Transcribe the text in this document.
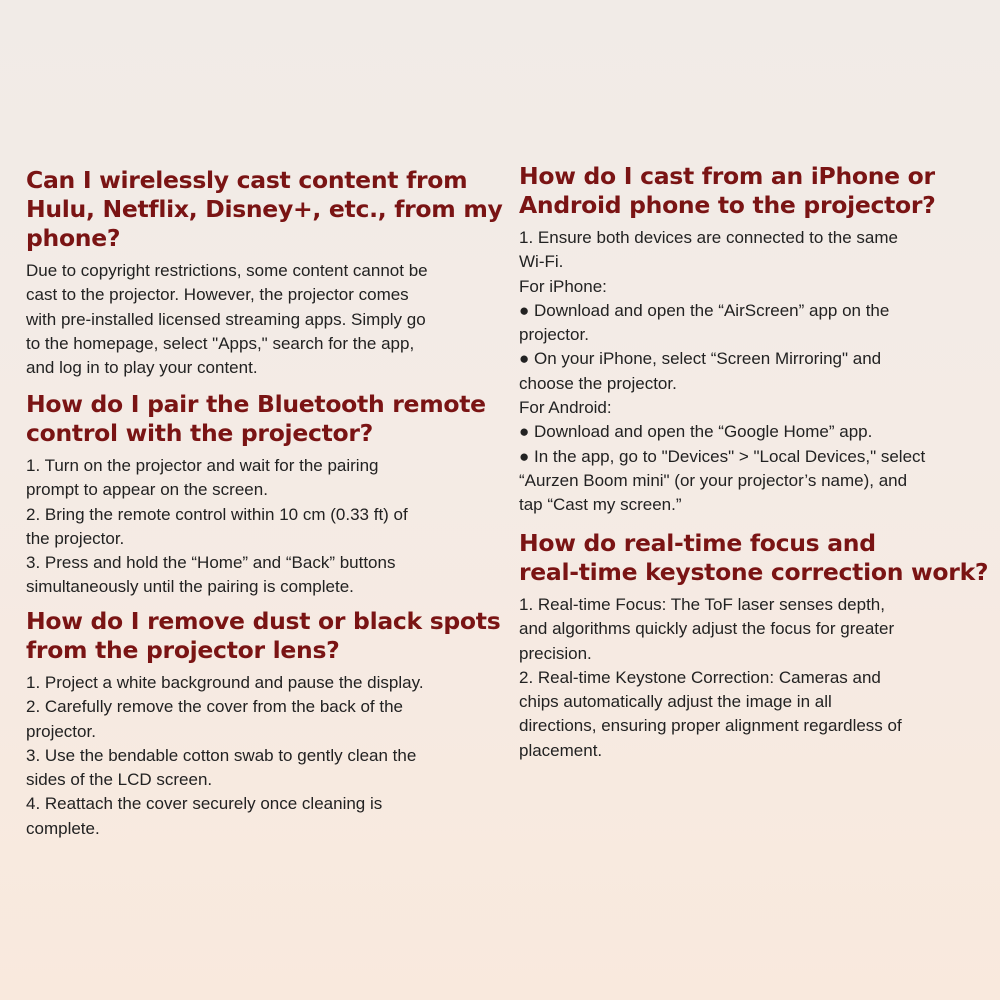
Can I wirelessly cast content from
Hulu, Netflix, Disney+, etc., from my
phone?
Due to copyright restrictions, some content cannot be
cast to the projector. However, the projector comes
with pre-installed licensed streaming apps. Simply go
to the homepage, select "Apps," search for the app,
and log in to play your content.
How do I pair the Bluetooth remote
control with the projector?
1. Turn on the projector and wait for the pairing
prompt to appear on the screen.
2. Bring the remote control within 10 cm (0.33 ft) of
the projector.
3. Press and hold the “Home” and “Back” buttons
simultaneously until the pairing is complete.
How do I remove dust or black spots
from the projector lens?
1. Project a white background and pause the display.
2. Carefully remove the cover from the back of the
projector.
3. Use the bendable cotton swab to gently clean the
sides of the LCD screen.
4. Reattach the cover securely once cleaning is
complete.
How do I cast from an iPhone or
Android phone to the projector?
1. Ensure both devices are connected to the same
Wi-Fi.
For iPhone:
● Download and open the “AirScreen” app on the
projector.
● On your iPhone, select “Screen Mirroring" and
choose the projector.
For Android:
● Download and open the “Google Home” app.
● In the app, go to "Devices" > "Local Devices," select
“Aurzen Boom mini" (or your projector’s name), and
tap “Cast my screen.”
How do real-time focus and
real-time keystone correction work?
1. Real-time Focus: The ToF laser senses depth,
and algorithms quickly adjust the focus for greater
precision.
2. Real-time Keystone Correction: Cameras and
chips automatically adjust the image in all
directions, ensuring proper alignment regardless of
placement.
